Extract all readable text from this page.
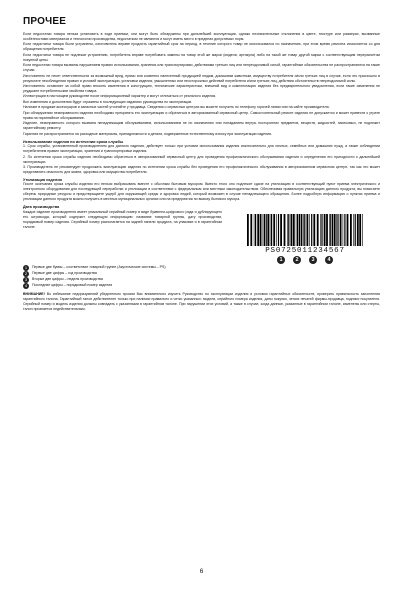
ПРОЧЕЕ

Если недостатки товара нельзя установить в ходе приемки, они могут быть обнаружены при дальнейшей эксплуатации, однако незначительные отклонения в цвете, текстуре или размерах, вызванные особенностями материалов и технологии производства, недостатком не являются и могут иметь место в пределах допустимых норм.

Если недостатки товара были устранены, изготовитель вправе продлить гарантийный срок на период, в течение которого товар не использовался по назначению, при этом время ремонта исчисляется со дня обращения потребителя.

Если недостатки товара не подлежат устранению, потребитель вправе потребовать замены на товар этой же марки (модели, артикула) либо на такой же товар другой марки с соответствующим перерасчетом покупной цены.

Если недостатки товара вызваны нарушением правил использования, хранения или транспортировки, действиями третьих лиц или непреодолимой силой, гарантийные обязательства не распространяются на такие случаи.

Изготовитель не несет ответственности за возможный вред, прямо или косвенно нанесенный продукцией людям, домашним животным, имуществу потребителя и/или третьих лиц в случае, если это произошло в результате несоблюдения правил и условий эксплуатации, установки изделия, умышленных или неосторожных действий потребителя и/или третьих лиц, действия обстоятельств непреодолимой силы.

Изготовитель оставляет за собой право вносить изменения в конструкцию, технические характеристики, внешний вид и комплектацию изделия без предварительного уведомления, если такие изменения не ухудшают потребительские свойства товара.

Иллюстрации в настоящем руководстве носят информационный характер и могут отличаться от реального изделия.

Все изменения и дополнения будут отражены в последующих изданиях руководства по эксплуатации.

Наличие в продаже аксессуаров и запасных частей уточняйте у продавца. Сведения о сервисных центрах вы можете получить по телефону горячей линии или на сайте производителя.

При обнаружении неисправности изделия необходимо прекратить его эксплуатацию и обратиться в авторизованный сервисный центр. Самостоятельный ремонт изделия не допускается и может привести к утрате права на гарантийное обслуживание.

Изделие, неисправность которого вызвана ненадлежащим обслуживанием, использованием не по назначению или попаданием внутрь посторонних предметов, веществ, жидкостей, насекомых, не подлежит гарантийному ремонту.

Гарантия не распространяется на расходные материалы, принадлежности и детали, подверженные естественному износу при эксплуатации изделия.

Использование изделия по истечении срока службы
1. Срок службы, установленный производителем для данного изделия, действует только при условии использования изделия исключительно для личных, семейных или домашних нужд, а также соблюдении потребителем правил эксплуатации, хранения и транспортировки изделия.
2. По истечении срока службы изделия необходимо обратиться в авторизованный сервисный центр для проведения профилактического обслуживания изделия и определения его пригодности к дальнейшей эксплуатации.
3. Производитель не рекомендует продолжать эксплуатацию изделия по истечении срока службы без проведения его профилактического обслуживания в авторизованном сервисном центре, так как это может представлять опасность для жизни, здоровья или имущества потребителя.
Утилизация изделия

После окончания срока службы изделия его нельзя выбрасывать вместе с обычным бытовым мусором. Вместо этого оно подлежит сдаче на утилизацию в соответствующий пункт приема электрического и электронного оборудования для последующей переработки и утилизации в соответствии с федеральным или местным законодательством. Обеспечивая правильную утилизацию данного продукта, вы помогаете сберечь природные ресурсы и предотвращаете ущерб для окружающей среды и здоровья людей, который возможен в случае ненадлежащего обращения. Более подробную информацию о пунктах приема и утилизации данного продукта можно получить в местных муниципальных органах или на предприятии по вывозу бытового мусора.

Дата производства

Каждое изделие производителя имеет уникальный серийный номер в виде буквенно-цифрового ряда и дублирующего его штрихкода, который содержит следующую информацию: название товарной группы, дату производства, порядковый номер изделия. Серийный номер располагается на задней панели продукта, на упаковке и в гарантийном талоне.

PS0725011234567
1	2	3	4
1	Первые две буквы – соответствие товарной группе (Акустические системы – PS)
2	Первые две цифры – год производства
3	Вторые две цифры – неделя производства
4	Последние цифры – порядковый номер изделия
ВНИМАНИЕ! Во избежание недоразумений убедительно просим Вас внимательно изучить Руководство по эксплуатации изделия и условия гарантийных обязательств, проверить правильность заполнения гарантийного талона. Гарантийный талон действителен только при наличии правильно и четко указанных: модели, серийного номера изделия, даты покупки, четких печатей фирмы-продавца, подписи покупателя. Серийный номер и модель изделия должны совпадать с указанными в гарантийном талоне. При нарушении этих условий, а также в случае, когда данные, указанные в гарантийном талоне, изменены или стерты, талон признается недействительным.
6
